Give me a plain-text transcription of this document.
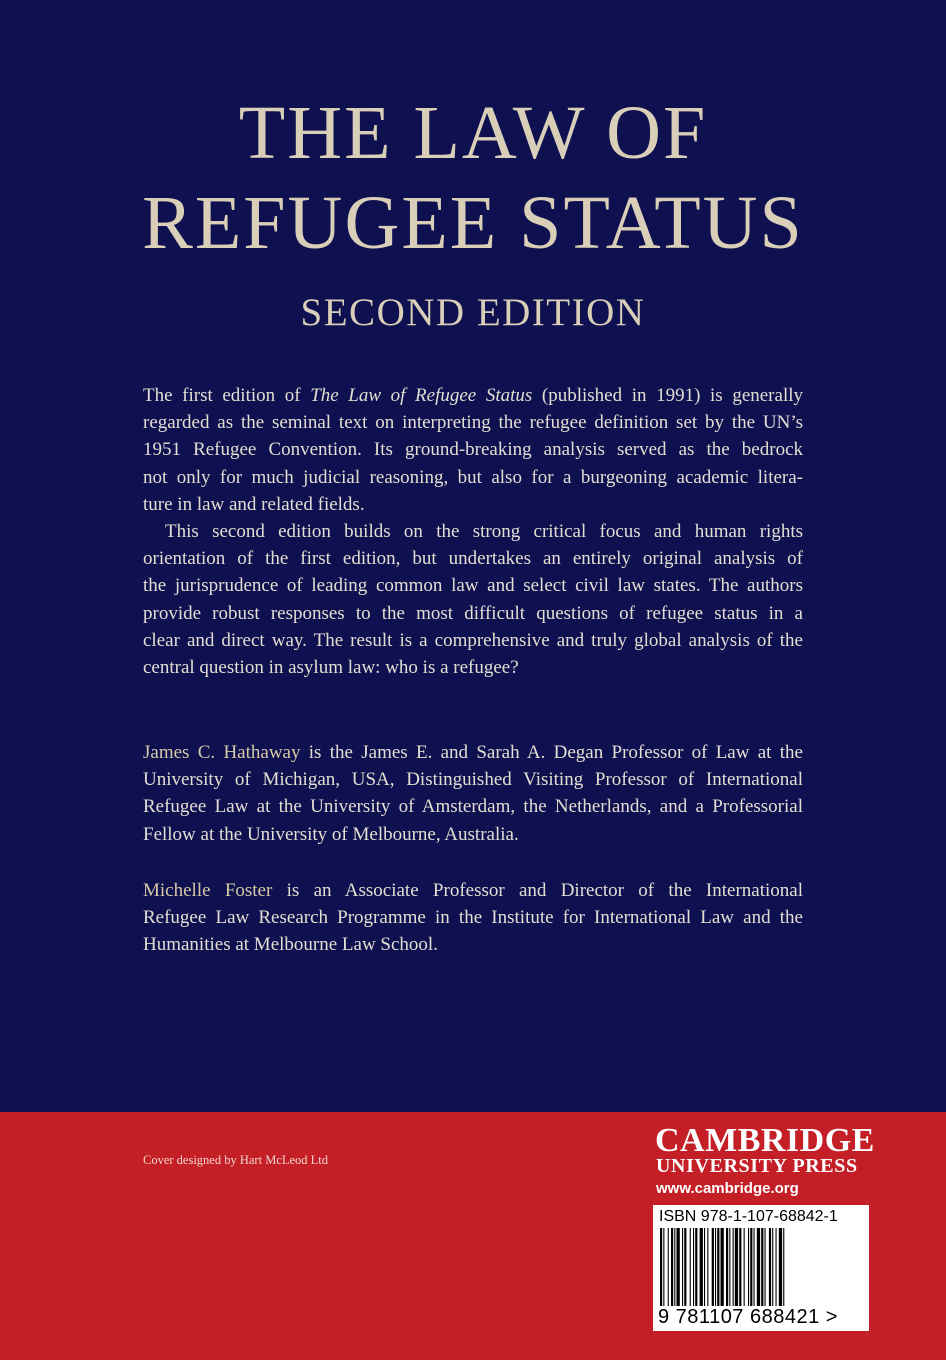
THE LAW OF
REFUGEE STATUS
SECOND EDITION
The first edition of The Law of Refugee Status (published in 1991) is generally
regarded as the seminal text on interpreting the refugee definition set by the UN’s
1951 Refugee Convention. Its ground-breaking analysis served as the bedrock
not only for much judicial reasoning, but also for a burgeoning academic litera-
ture in law and related fields.
This second edition builds on the strong critical focus and human rights
orientation of the first edition, but undertakes an entirely original analysis of
the jurisprudence of leading common law and select civil law states. The authors
provide robust responses to the most difficult questions of refugee status in a
clear and direct way. The result is a comprehensive and truly global analysis of the
central question in asylum law: who is a refugee?
James C. Hathaway is the James E. and Sarah A. Degan Professor of Law at the
University of Michigan, USA, Distinguished Visiting Professor of International
Refugee Law at the University of Amsterdam, the Netherlands, and a Professorial
Fellow at the University of Melbourne, Australia.
Michelle Foster is an Associate Professor and Director of the International
Refugee Law Research Programme in the Institute for International Law and the
Humanities at Melbourne Law School.
Cover designed by Hart McLeod Ltd
CAMBRIDGE
UNIVERSITY PRESS
www.cambridge.org
ISBN 978-1-107-68842-1
9 781107 688421 >
